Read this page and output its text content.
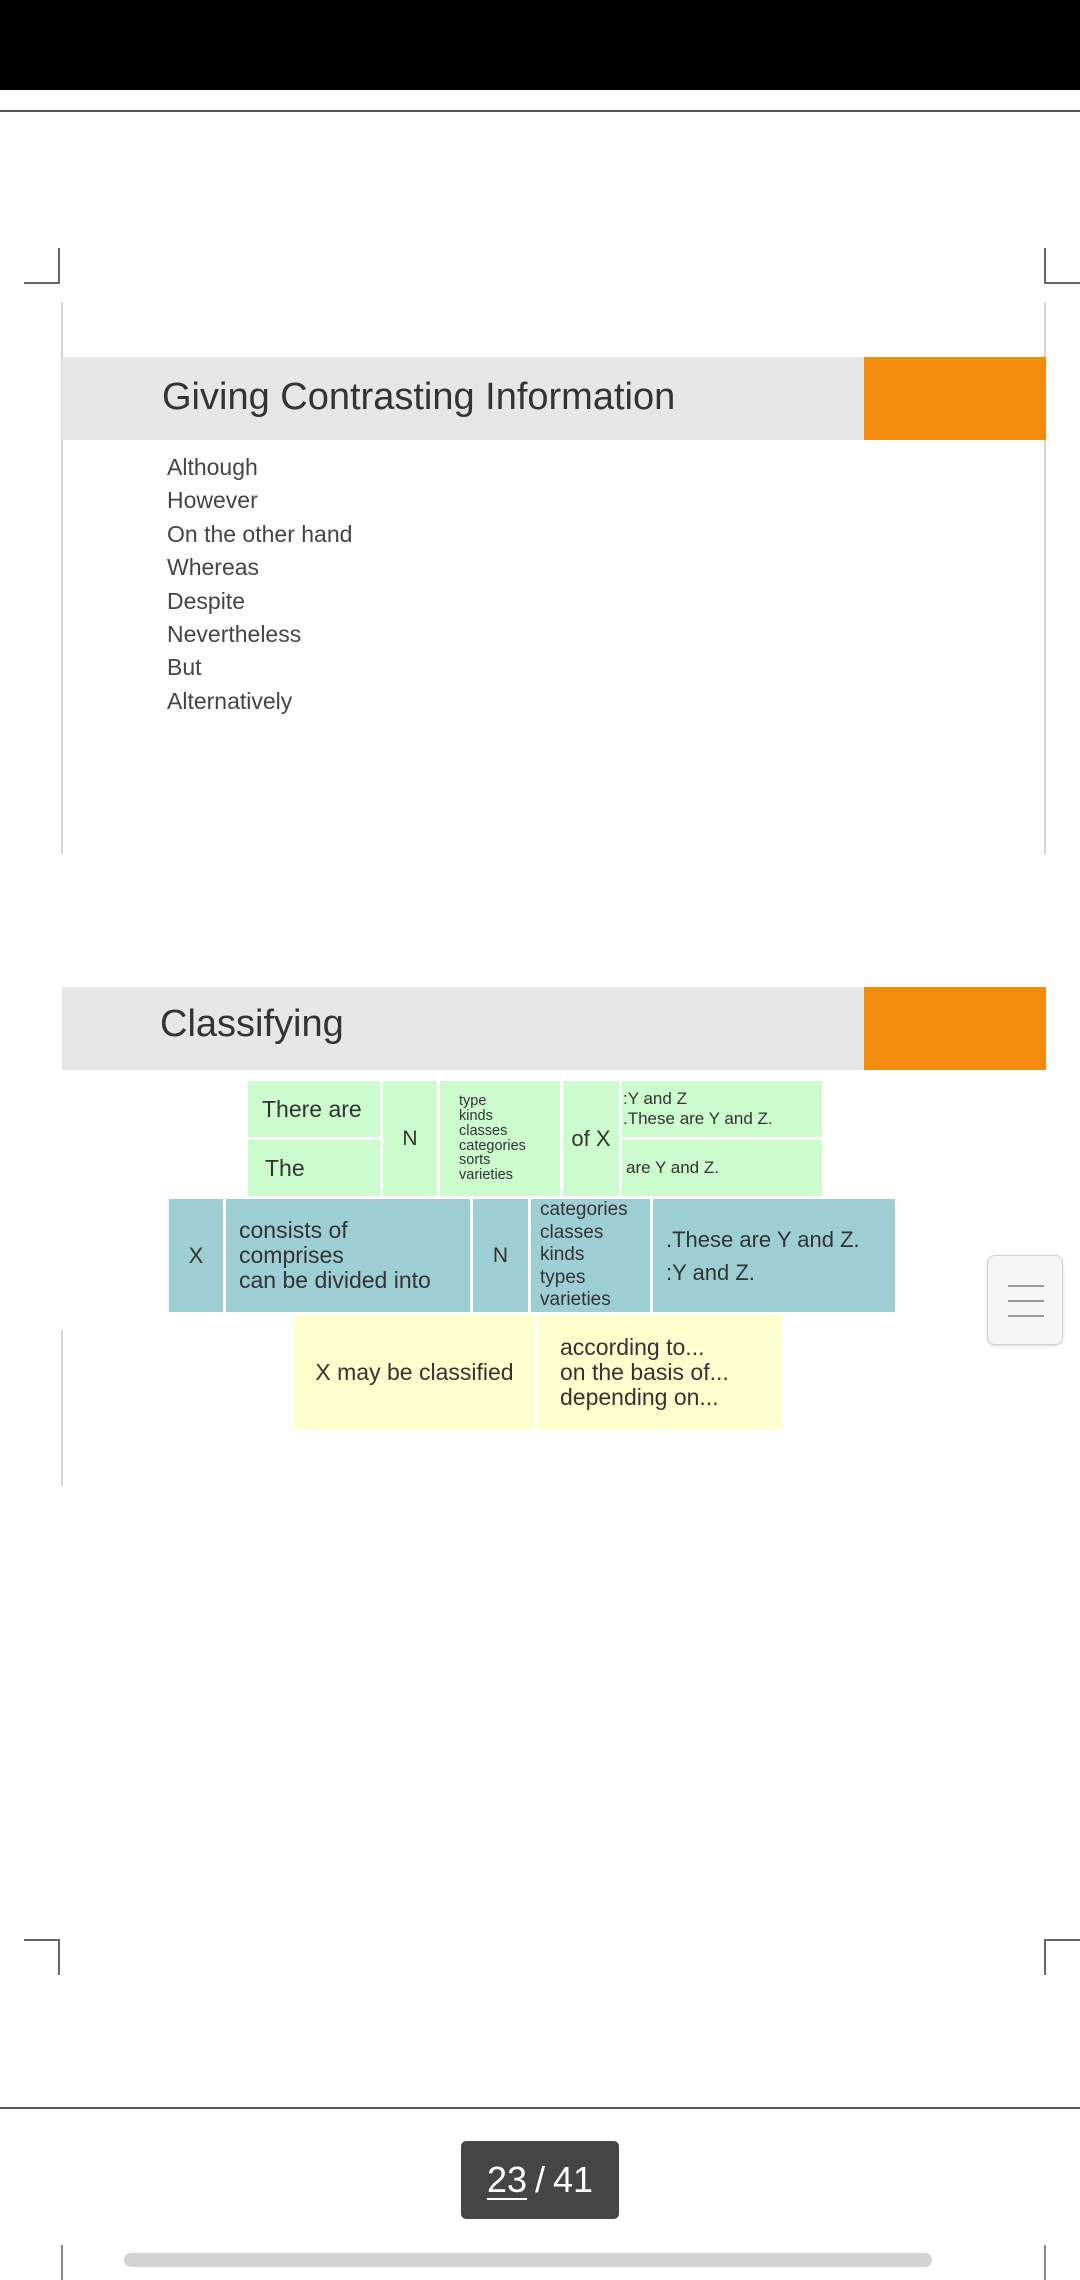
Giving Contrasting Information
Although
However
On the other hand
Whereas
Despite
Nevertheless
But
Alternatively
Classifying
There are
The
N
type
kinds
classes
categories
sorts
varieties
of X
:Y and Z
.These are Y and Z.
are Y and Z.
X
consists of
comprises
can be divided into
N
categories
classes
kinds
types
varieties
.These are Y and Z.
:Y and Z.
X may be classified
according to...
on the basis of...
depending on...
23 / 41
